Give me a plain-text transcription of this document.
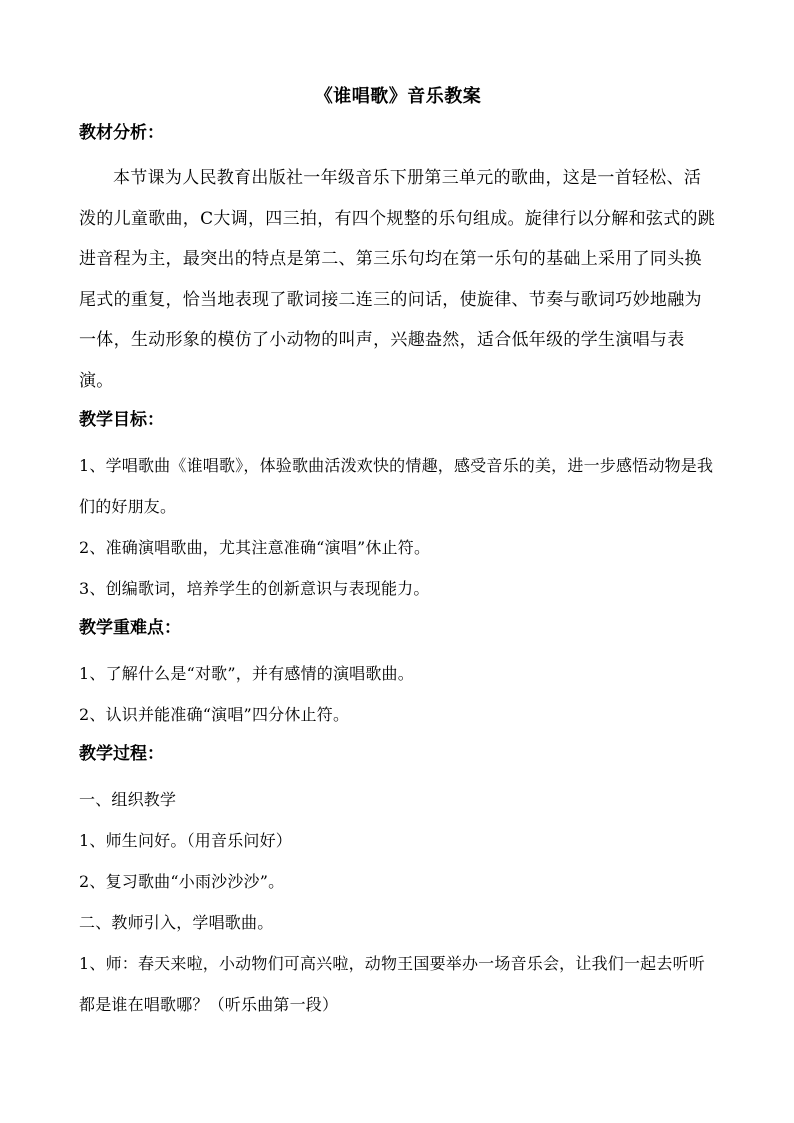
《谁唱歌》音乐教案
教材分析：

本节课为人民教育出版社一年级音乐下册第三单元的歌曲，这是一首轻松、活泼的儿童歌曲，C大调，四三拍，有四个规整的乐句组成。旋律行以分解和弦式的跳进音程为主，最突出的特点是第二、第三乐句均在第一乐句的基础上采用了同头换尾式的重复，恰当地表现了歌词接二连三的问话，使旋律、节奏与歌词巧妙地融为一体，生动形象的模仿了小动物的叫声，兴趣盎然，适合低年级的学生演唱与表演。

教学目标：

1、学唱歌曲《谁唱歌》，体验歌曲活泼欢快的情趣，感受音乐的美，进一步感悟动物是我们的好朋友。

2、准确演唱歌曲，尤其注意准确“演唱”休止符。

3、创编歌词，培养学生的创新意识与表现能力。

教学重难点：

1、了解什么是“对歌”，并有感情的演唱歌曲。

2、认识并能准确“演唱”四分休止符。

教学过程：

一、组织教学

1、师生问好。（用音乐问好）

2、复习歌曲“小雨沙沙沙”。

二、教师引入，学唱歌曲。

1、师：春天来啦，小动物们可高兴啦，动物王国要举办一场音乐会，让我们一起去听听都是谁在唱歌哪？（听乐曲第一段）
